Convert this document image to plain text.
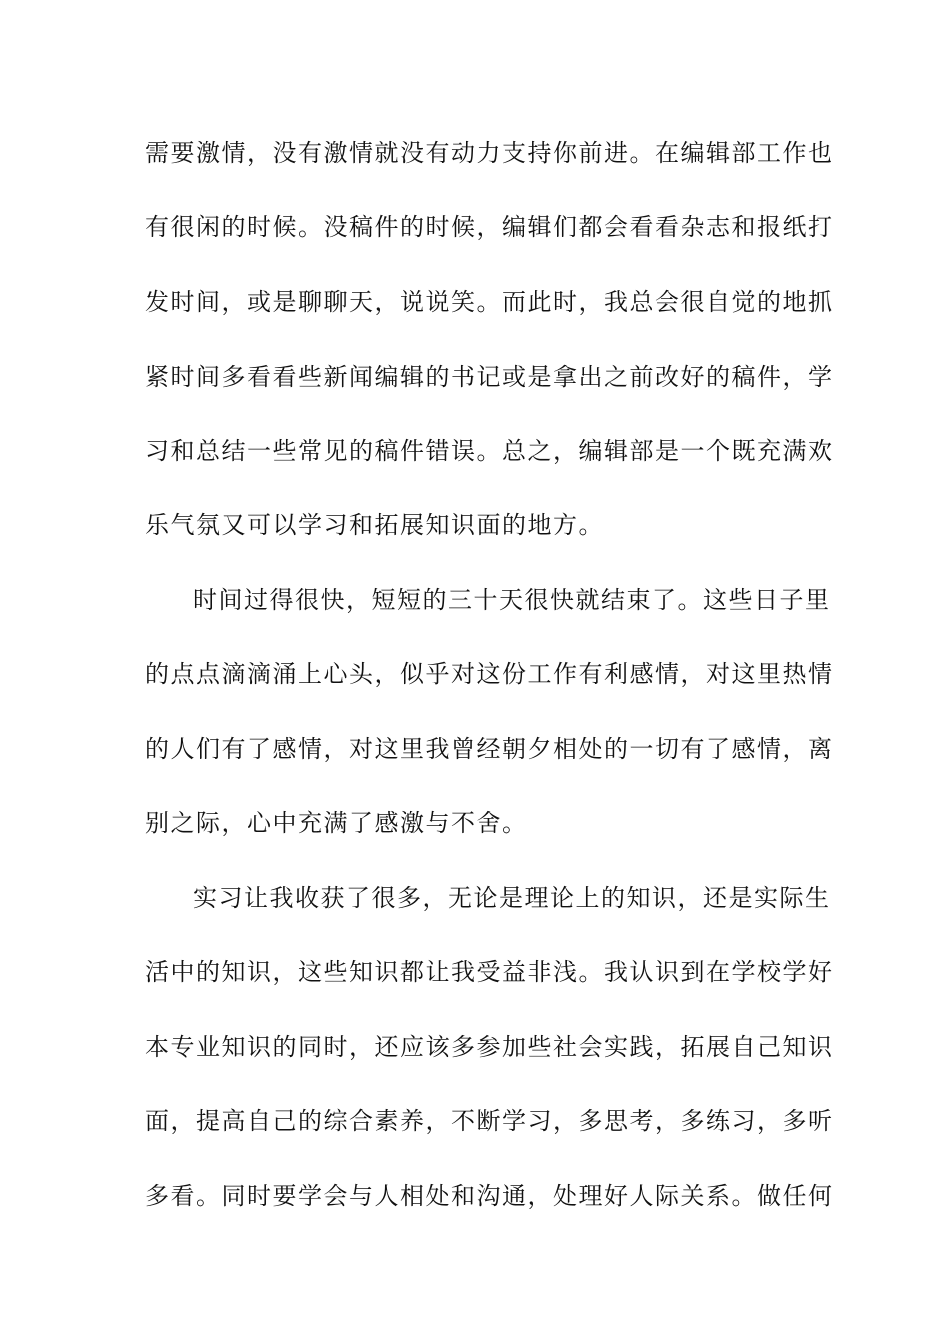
需要激情，没有激情就没有动力支持你前进。在编辑部工作也
有很闲的时候。没稿件的时候，编辑们都会看看杂志和报纸打
发时间，或是聊聊天，说说笑。而此时，我总会很自觉的地抓
紧时间多看看些新闻编辑的书记或是拿出之前改好的稿件，学
习和总结一些常见的稿件错误。总之，编辑部是一个既充满欢
乐气氛又可以学习和拓展知识面的地方。
时间过得很快，短短的三十天很快就结束了。这些日子里
的点点滴滴涌上心头，似乎对这份工作有利感情，对这里热情
的人们有了感情，对这里我曾经朝夕相处的一切有了感情，离
别之际，心中充满了感激与不舍。
实习让我收获了很多，无论是理论上的知识，还是实际生
活中的知识，这些知识都让我受益非浅。我认识到在学校学好
本专业知识的同时，还应该多参加些社会实践，拓展自己知识
面，提高自己的综合素养，不断学习，多思考，多练习，多听
多看。同时要学会与人相处和沟通，处理好人际关系。做任何
